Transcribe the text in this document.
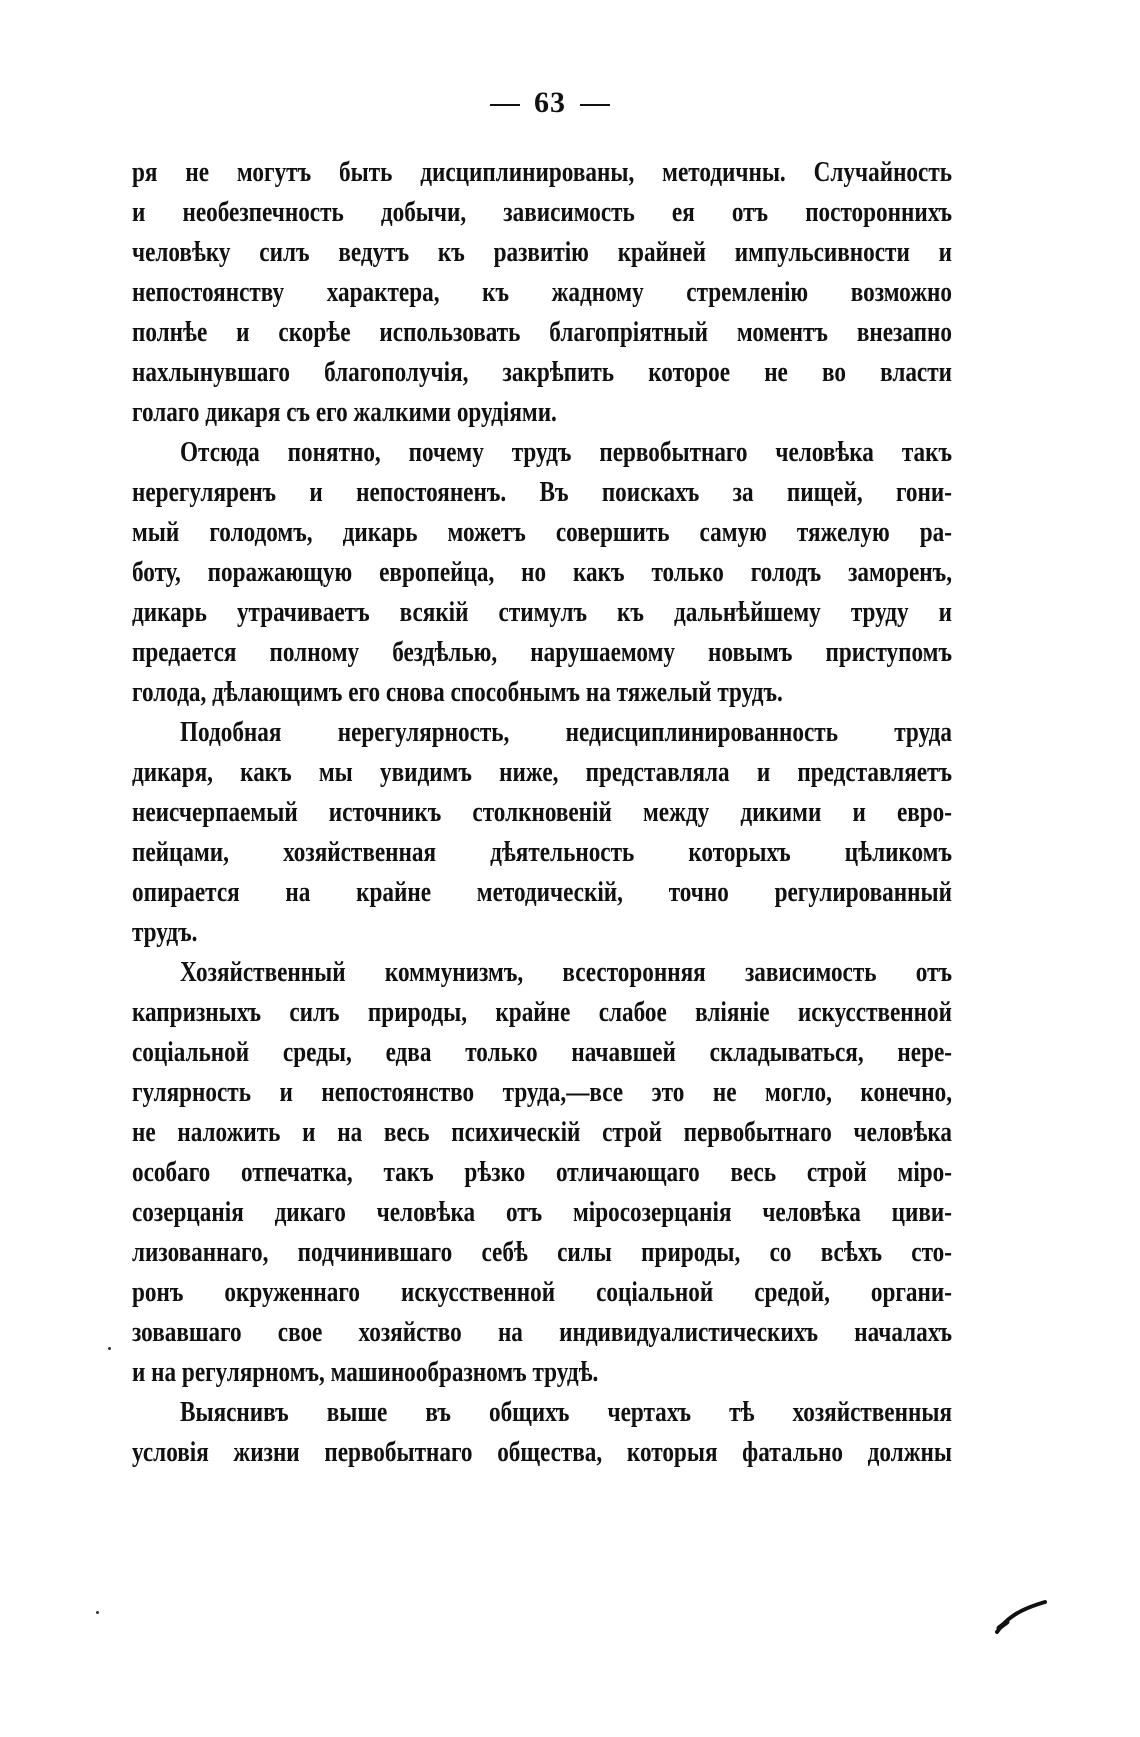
63
ря не могутъ быть дисциплинированы, методичны. Случайность
и необезпечность добычи, зависимость ея отъ постороннихъ
человѣку силъ ведутъ къ развитію крайней импульсивности и
непостоянству характера, къ жадному стремленію возможно
полнѣе и скорѣе использовать благопріятный моментъ внезапно
нахлынувшаго благополучія, закрѣпить которое не во власти
голаго дикаря съ его жалкими орудіями.
Отсюда понятно, почему трудъ первобытнаго человѣка такъ
нерегуляренъ и непостояненъ. Въ поискахъ за пищей, гони-
мый голодомъ, дикарь можетъ совершить самую тяжелую ра-
боту, поражающую европейца, но какъ только голодъ заморенъ,
дикарь утрачиваетъ всякій стимулъ къ дальнѣйшему труду и
предается полному бездѣлью, нарушаемому новымъ приступомъ
голода, дѣлающимъ его снова способнымъ на тяжелый трудъ.
Подобная нерегулярность, недисциплинированность труда
дикаря, какъ мы увидимъ ниже, представляла и представляетъ
неисчерпаемый источникъ столкновеній между дикими и евро-
пейцами, хозяйственная дѣятельность которыхъ цѣликомъ
опирается на крайне методическій, точно регулированный
трудъ.
Хозяйственный коммунизмъ, всесторонняя зависимость отъ
капризныхъ силъ природы, крайне слабое вліяніе искусственной
соціальной среды, едва только начавшей складываться, нере-
гулярность и непостоянство труда,—все это не могло, конечно,
не наложить и на весь психическій строй первобытнаго человѣка
особаго отпечатка, такъ рѣзко отличающаго весь строй міро-
созерцанія дикаго человѣка отъ міросозерцанія человѣка циви-
лизованнаго, подчинившаго себѣ силы природы, со всѣхъ сто-
ронъ окруженнаго искусственной соціальной средой, органи-
зовавшаго свое хозяйство на индивидуалистическихъ началахъ
и на регулярномъ, машинообразномъ трудѣ.
Выяснивъ выше въ общихъ чертахъ тѣ хозяйственныя
условія жизни первобытнаго общества, которыя фатально должны
